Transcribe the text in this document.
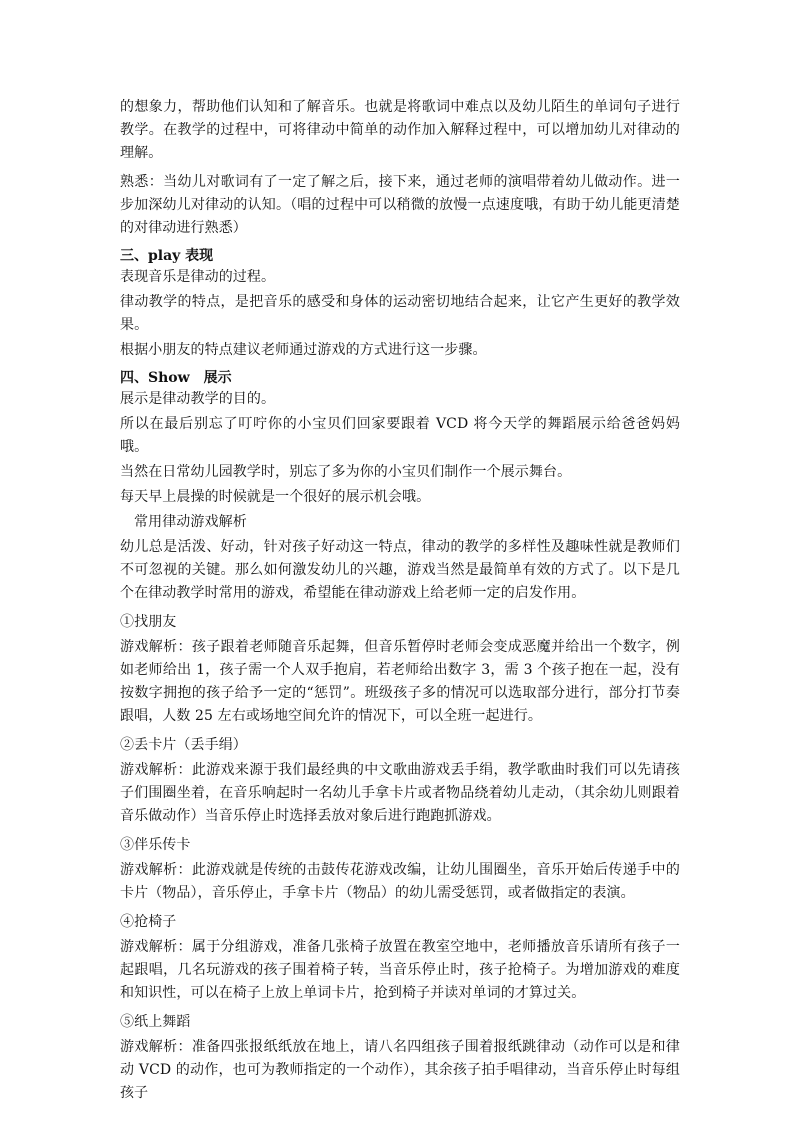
的想象力，帮助他们认知和了解音乐。也就是将歌词中难点以及幼儿陌生的单词句子进行教学。在教学的过程中，可将律动中简单的动作加入解释过程中，可以增加幼儿对律动的理解。

熟悉：当幼儿对歌词有了一定了解之后，接下来，通过老师的演唱带着幼儿做动作。进一步加深幼儿对律动的认知。（唱的过程中可以稍微的放慢一点速度哦，有助于幼儿能更清楚的对律动进行熟悉）

三、play 表现

表现音乐是律动的过程。

律动教学的特点，是把音乐的感受和身体的运动密切地结合起来，让它产生更好的教学效果。

根据小朋友的特点建议老师通过游戏的方式进行这一步骤。

四、Show　展示

展示是律动教学的目的。

所以在最后别忘了叮咛你的小宝贝们回家要跟着 VCD 将今天学的舞蹈展示给爸爸妈妈哦。

当然在日常幼儿园教学时，别忘了多为你的小宝贝们制作一个展示舞台。

每天早上晨操的时候就是一个很好的展示机会哦。

常用律动游戏解析

幼儿总是活泼、好动，针对孩子好动这一特点，律动的教学的多样性及趣味性就是教师们不可忽视的关键。那么如何激发幼儿的兴趣，游戏当然是最简单有效的方式了。以下是几个在律动教学时常用的游戏，希望能在律动游戏上给老师一定的启发作用。

①找朋友

游戏解析：孩子跟着老师随音乐起舞，但音乐暂停时老师会变成恶魔并给出一个数字，例如老师给出 1，孩子需一个人双手抱肩，若老师给出数字 3，需 3 个孩子抱在一起，没有按数字拥抱的孩子给予一定的“惩罚”。班级孩子多的情况可以选取部分进行，部分打节奏跟唱，人数 25 左右或场地空间允许的情况下，可以全班一起进行。

②丢卡片（丢手绢）

游戏解析：此游戏来源于我们最经典的中文歌曲游戏丢手绢，教学歌曲时我们可以先请孩子们围圈坐着，在音乐响起时一名幼儿手拿卡片或者物品绕着幼儿走动，（其余幼儿则跟着音乐做动作）当音乐停止时选择丢放对象后进行跑跑抓游戏。

③伴乐传卡

游戏解析：此游戏就是传统的击鼓传花游戏改编，让幼儿围圈坐，音乐开始后传递手中的卡片（物品），音乐停止，手拿卡片（物品）的幼儿需受惩罚，或者做指定的表演。

④抢椅子

游戏解析：属于分组游戏，准备几张椅子放置在教室空地中，老师播放音乐请所有孩子一起跟唱，几名玩游戏的孩子围着椅子转，当音乐停止时，孩子抢椅子。为增加游戏的难度和知识性，可以在椅子上放上单词卡片，抢到椅子并读对单词的才算过关。

⑤纸上舞蹈

游戏解析：准备四张报纸纸放在地上，请八名四组孩子围着报纸跳律动（动作可以是和律动 VCD 的动作，也可为教师指定的一个动作），其余孩子拍手唱律动，当音乐停止时每组孩子
